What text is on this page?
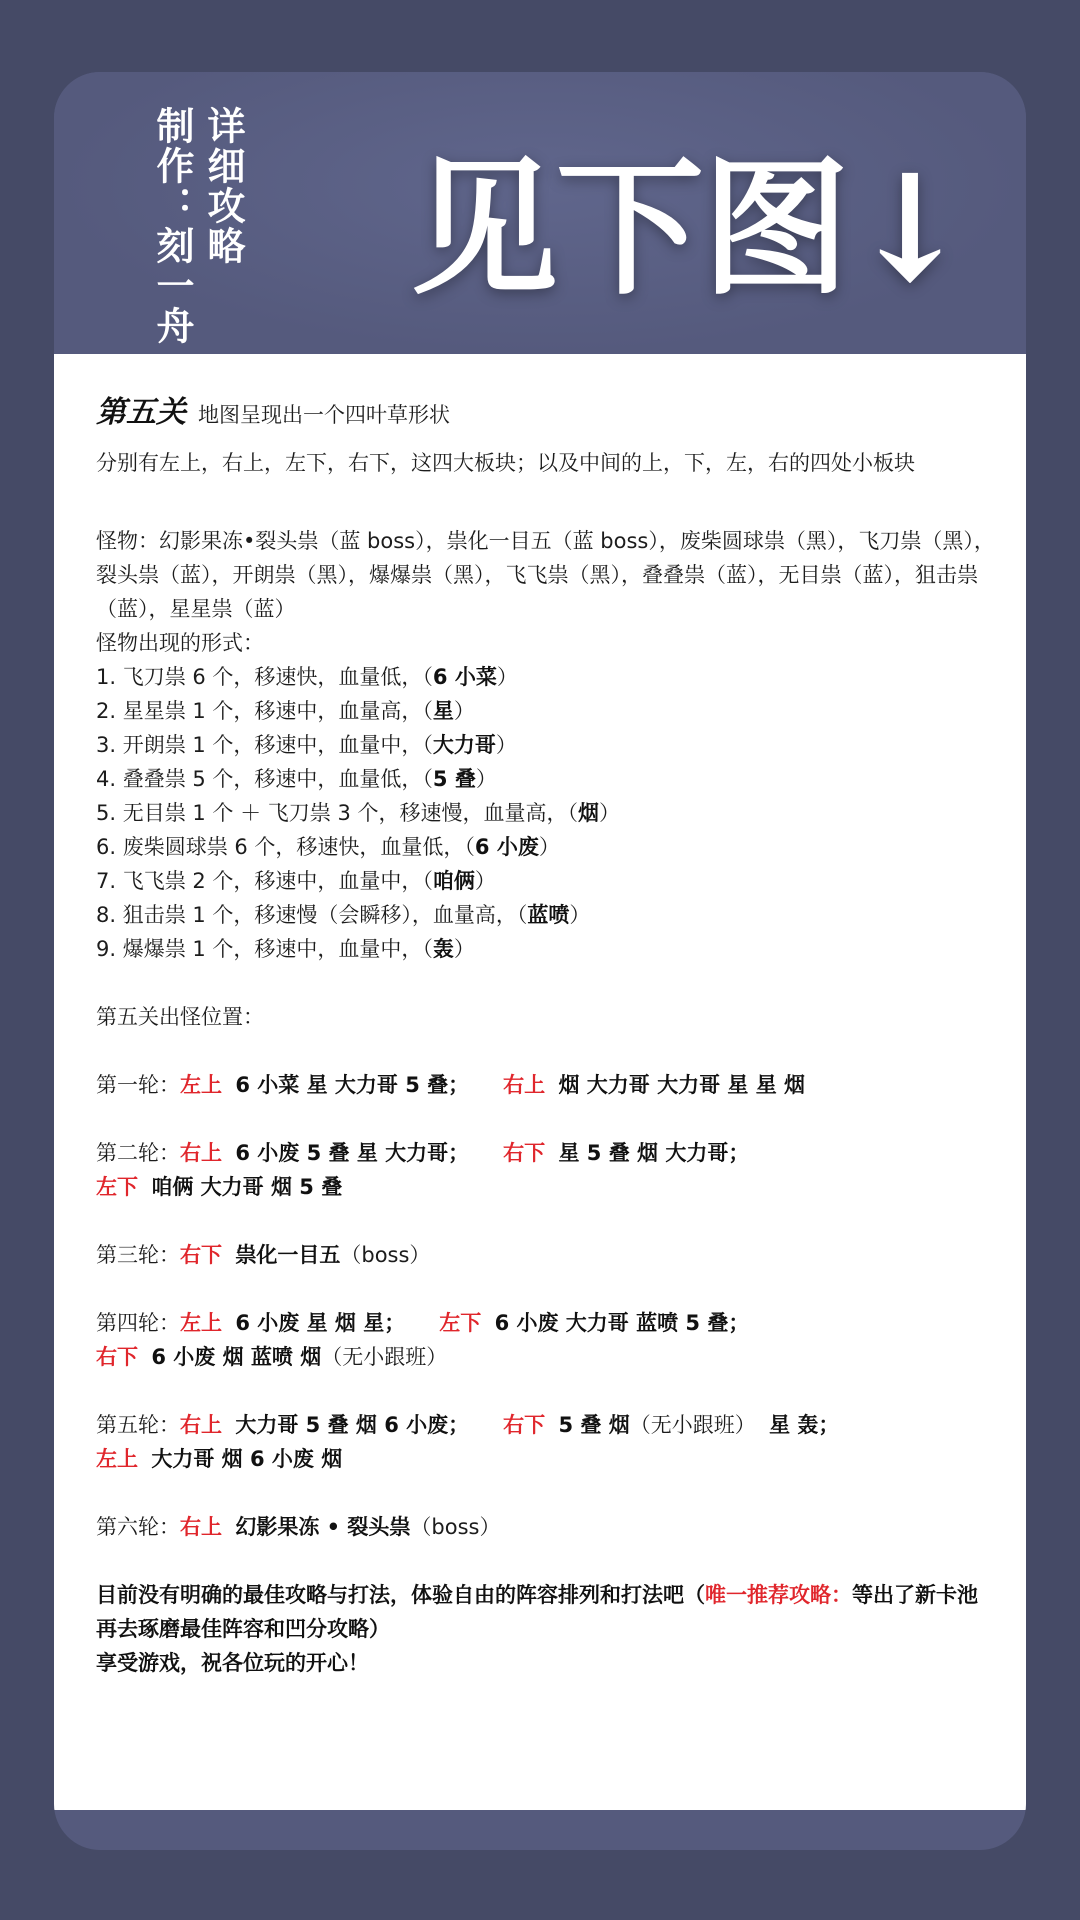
详细攻略
制作：刻一舟 见下图↓
第五关 地图呈现出一个四叶草形状
分别有左上，右上，左下，右下，这四大板块；以及中间的上，下，左，右的四处小板块
怪物：幻影果冻•裂头祟（蓝 boss），祟化一目五（蓝 boss），废柴圆球祟（黑），飞刀祟（黑），裂头祟（蓝），开朗祟（黑），爆爆祟（黑），飞飞祟（黑），叠叠祟（蓝），无目祟（蓝），狙击祟（蓝），星星祟（蓝）
怪物出现的形式：
1. 飞刀祟 6 个，移速快，血量低，（6 小菜）
2. 星星祟 1 个，移速中，血量高，（星）
3. 开朗祟 1 个，移速中，血量中，（大力哥）
4. 叠叠祟 5 个，移速中，血量低，（5 叠）
5. 无目祟 1 个 ＋ 飞刀祟 3 个，移速慢，血量高，（烟）
6. 废柴圆球祟 6 个，移速快，血量低，（6 小废）
7. 飞飞祟 2 个，移速中，血量中，（咱俩）
8. 狙击祟 1 个，移速慢（会瞬移），血量高，（蓝喷）
9. 爆爆祟 1 个，移速中，血量中，（轰）
第五关出怪位置：
第一轮：左上 6 小菜 星 大力哥 5 叠； 右上 烟 大力哥 大力哥 星 星 烟
第二轮：右上 6 小废 5 叠 星 大力哥； 右下 星 5 叠 烟 大力哥；
左下 咱俩 大力哥 烟 5 叠
第三轮：右下 祟化一目五（boss）
第四轮：左上 6 小废 星 烟 星； 左下 6 小废 大力哥 蓝喷 5 叠；
右下 6 小废 烟 蓝喷 烟（无小跟班）
第五轮：右上 大力哥 5 叠 烟 6 小废； 右下 5 叠 烟（无小跟班） 星 轰；
左上 大力哥 烟 6 小废 烟
第六轮：右上 幻影果冻 • 裂头祟（boss）
目前没有明确的最佳攻略与打法，体验自由的阵容排列和打法吧（唯一推荐攻略：等出了新卡池再去琢磨最佳阵容和凹分攻略）
享受游戏，祝各位玩的开心！
